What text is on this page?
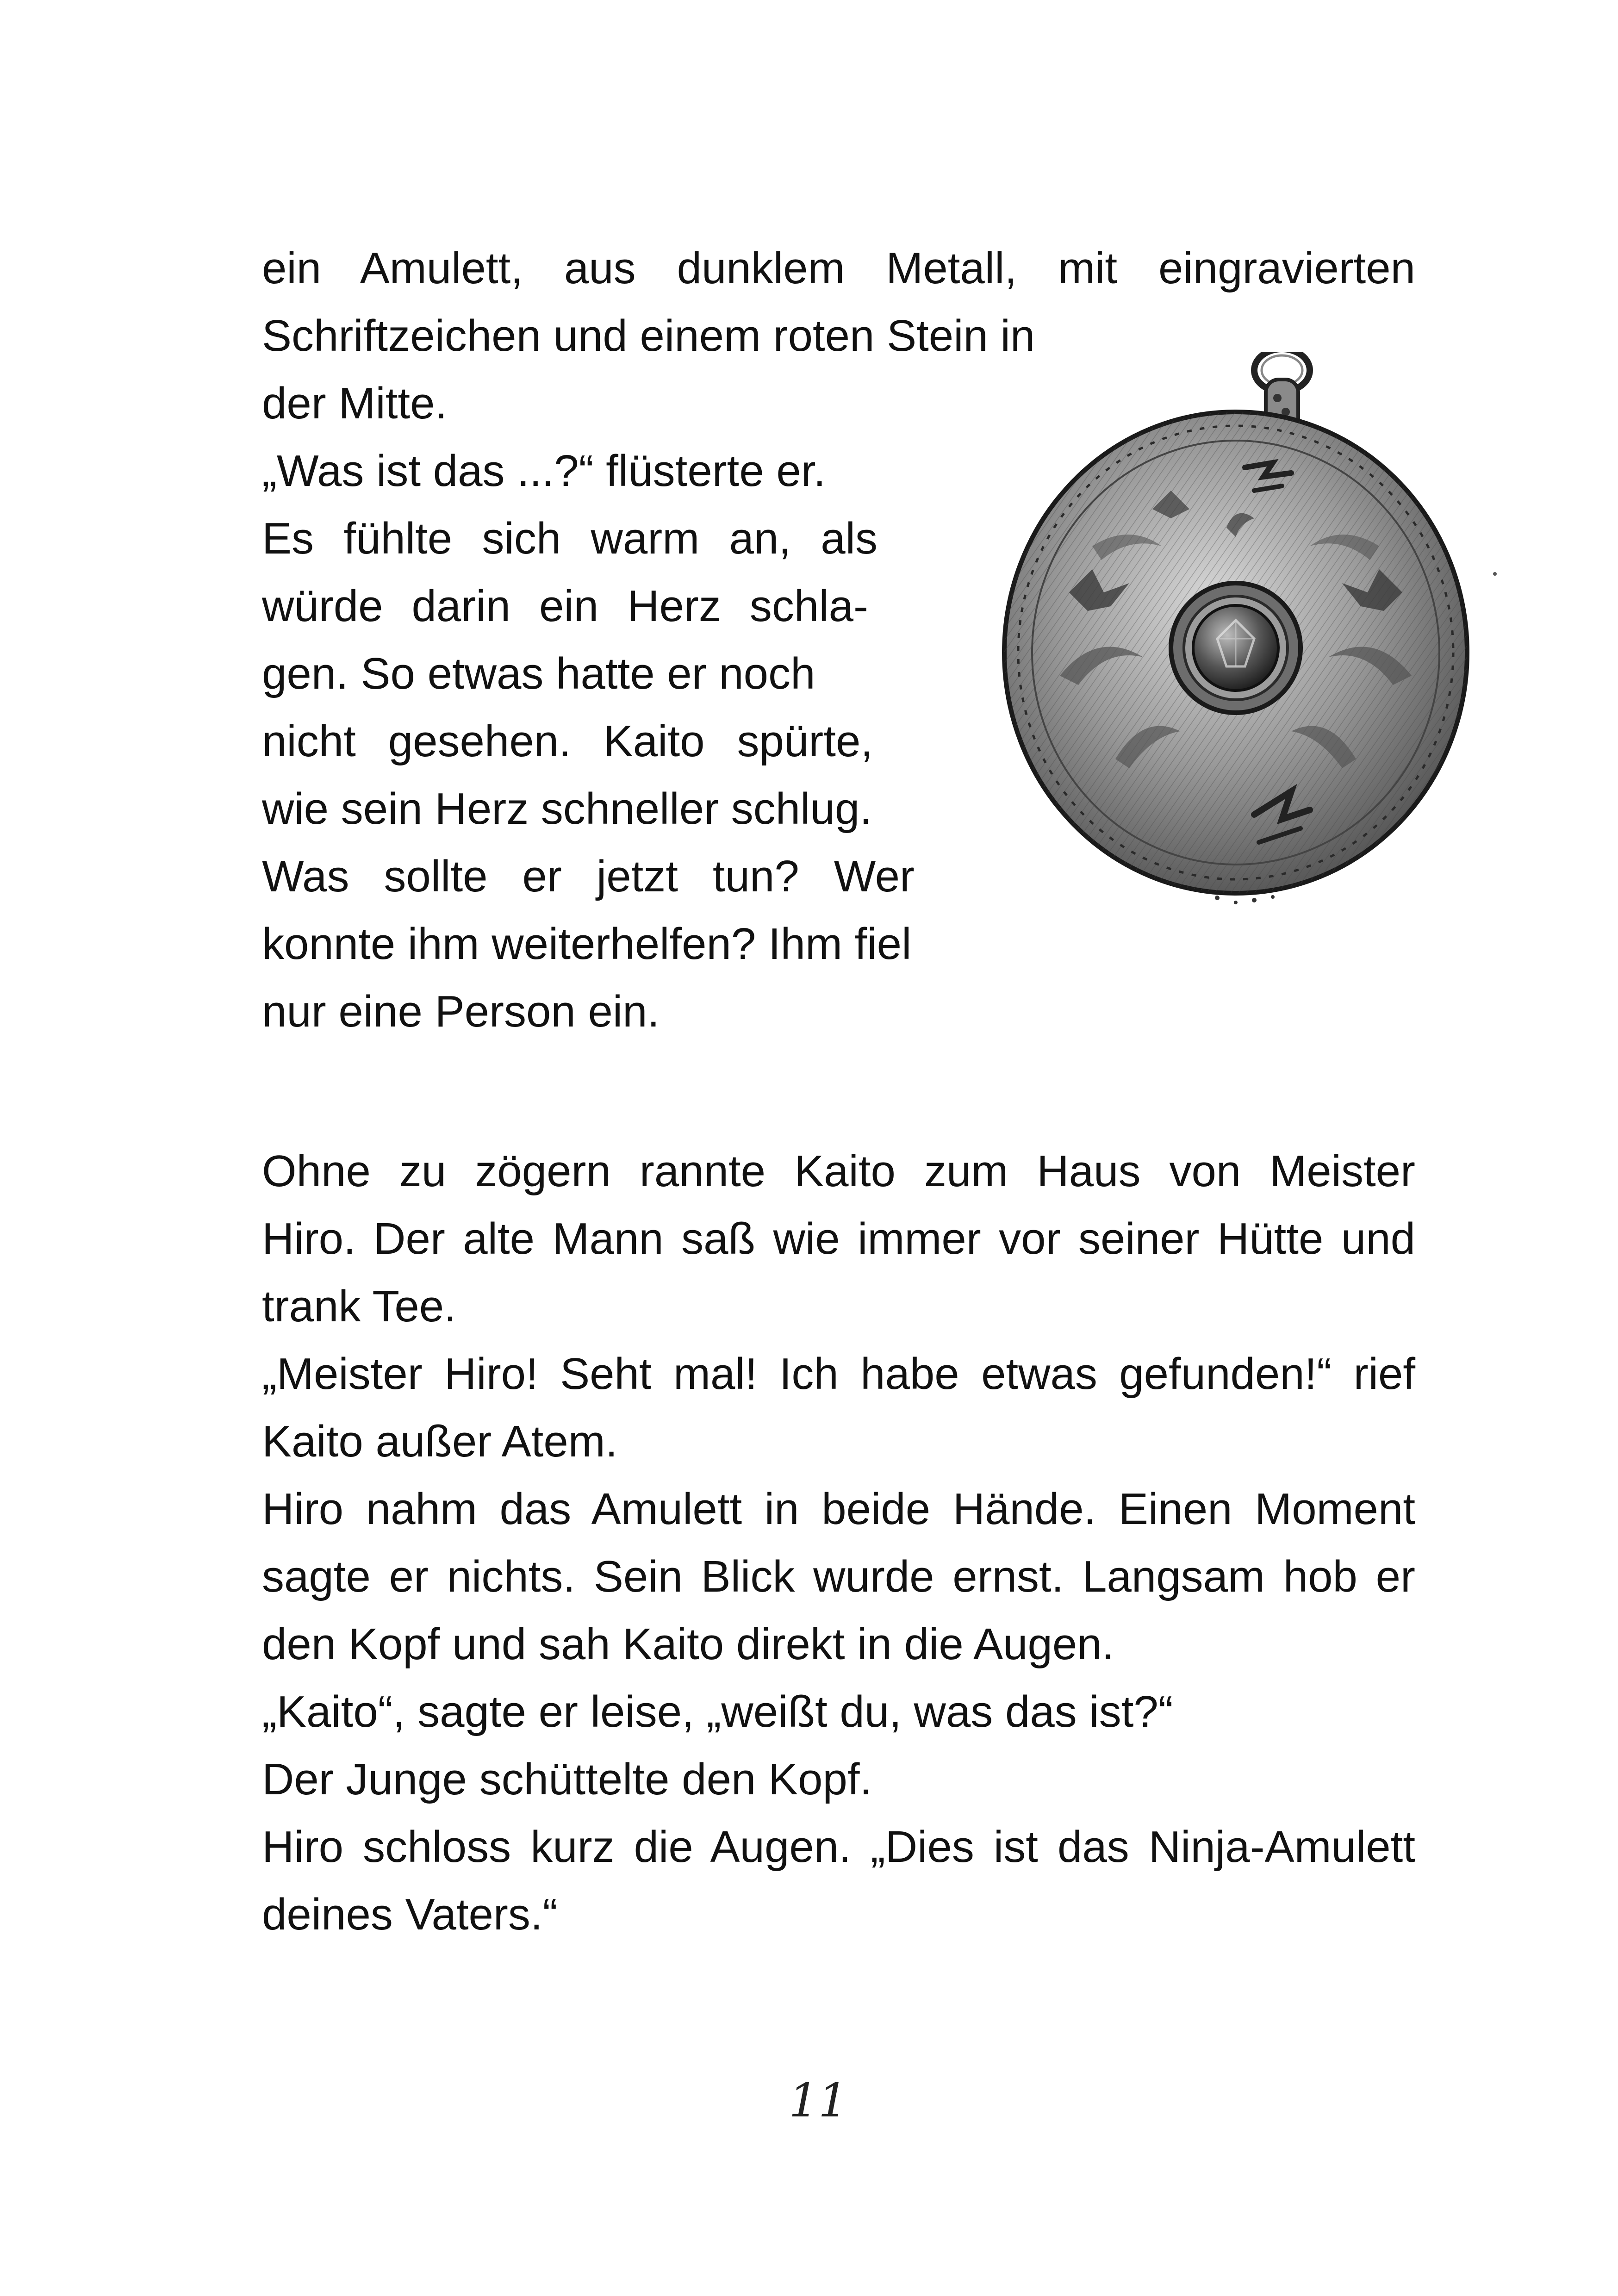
ein Amulett, aus dunklem Metall, mit eingravierten
Schriftzeichen und einem roten Stein in
der Mitte.
„Was ist das ...?“ flüsterte er.
Es fühlte sich warm an, als
würde darin ein Herz schla-
gen. So etwas hatte er noch
nicht gesehen. Kaito spürte,
wie sein Herz schneller schlug.
Was sollte er jetzt tun? Wer
konnte ihm weiterhelfen? Ihm fiel
nur eine Person ein.
Ohne zu zögern rannte Kaito zum Haus von Meister
Hiro. Der alte Mann saß wie immer vor seiner Hütte und
trank Tee.
„Meister Hiro! Seht mal! Ich habe etwas gefunden!“ rief
Kaito außer Atem.
Hiro nahm das Amulett in beide Hände. Einen Moment
sagte er nichts. Sein Blick wurde ernst. Langsam hob er
den Kopf und sah Kaito direkt in die Augen.
„Kaito“, sagte er leise, „weißt du, was das ist?“
Der Junge schüttelte den Kopf.
Hiro schloss kurz die Augen. „Dies ist das Ninja-Amulett
deines Vaters.“
11
